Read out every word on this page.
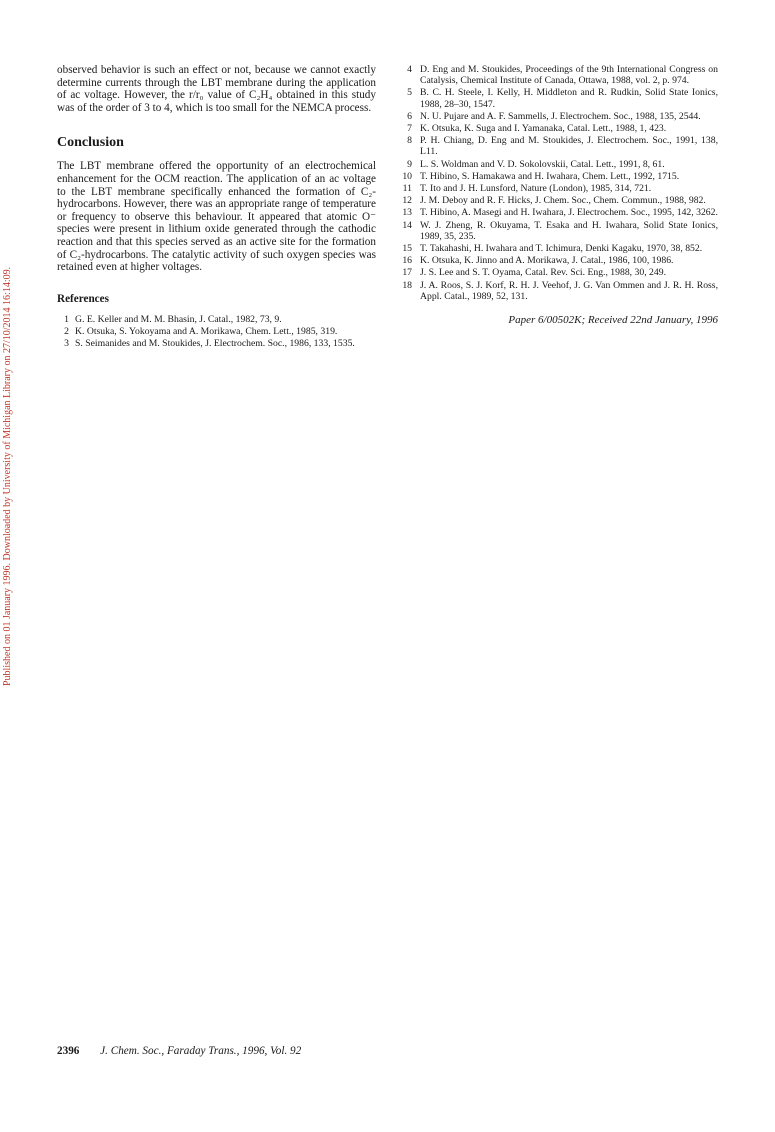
Published on 01 January 1996. Downloaded by University of Michigan Library on 27/10/2014 16:14:09.

observed behavior is such an effect or not, because we cannot exactly determine currents through the LBT membrane during the application of ac voltage. However, the r/r₀ value of C₂H₄ obtained in this study was of the order of 3 to 4, which is too small for the NEMCA process.

Conclusion

The LBT membrane offered the opportunity of an electrochemical enhancement for the OCM reaction. The application of an ac voltage to the LBT membrane specifically enhanced the formation of C₂-hydrocarbons. However, there was an appropriate range of temperature or frequency to observe this behaviour. It appeared that atomic O⁻ species were present in lithium oxide generated through the cathodic reaction and that this species served as an active site for the formation of C₂-hydrocarbons. The catalytic activity of such oxygen species was retained even at higher voltages.

References
1 G. E. Keller and M. M. Bhasin, J. Catal., 1982, 73, 9.
2 K. Otsuka, S. Yokoyama and A. Morikawa, Chem. Lett., 1985, 319.
3 S. Seimanides and M. Stoukides, J. Electrochem. Soc., 1986, 133, 1535.
4 D. Eng and M. Stoukides, Proceedings of the 9th International Congress on Catalysis, Chemical Institute of Canada, Ottawa, 1988, vol. 2, p. 974.
5 B. C. H. Steele, I. Kelly, H. Middleton and R. Rudkin, Solid State Ionics, 1988, 28–30, 1547.
6 N. U. Pujare and A. F. Sammells, J. Electrochem. Soc., 1988, 135, 2544.
7 K. Otsuka, K. Suga and I. Yamanaka, Catal. Lett., 1988, 1, 423.
8 P. H. Chiang, D. Eng and M. Stoukides, J. Electrochem. Soc., 1991, 138, L11.
9 L. S. Woldman and V. D. Sokolovskii, Catal. Lett., 1991, 8, 61.
10 T. Hibino, S. Hamakawa and H. Iwahara, Chem. Lett., 1992, 1715.
11 T. Ito and J. H. Lunsford, Nature (London), 1985, 314, 721.
12 J. M. Deboy and R. F. Hicks, J. Chem. Soc., Chem. Commun., 1988, 982.
13 T. Hibino, A. Masegi and H. Iwahara, J. Electrochem. Soc., 1995, 142, 3262.
14 W. J. Zheng, R. Okuyama, T. Esaka and H. Iwahara, Solid State Ionics, 1989, 35, 235.
15 T. Takahashi, H. Iwahara and T. Ichimura, Denki Kagaku, 1970, 38, 852.
16 K. Otsuka, K. Jinno and A. Morikawa, J. Catal., 1986, 100, 1986.
17 J. S. Lee and S. T. Oyama, Catal. Rev. Sci. Eng., 1988, 30, 249.
18 J. A. Roos, S. J. Korf, R. H. J. Veehof, J. G. Van Ommen and J. R. H. Ross, Appl. Catal., 1989, 52, 131.
Paper 6/00502K; Received 22nd January, 1996
2396 J. Chem. Soc., Faraday Trans., 1996, Vol. 92
